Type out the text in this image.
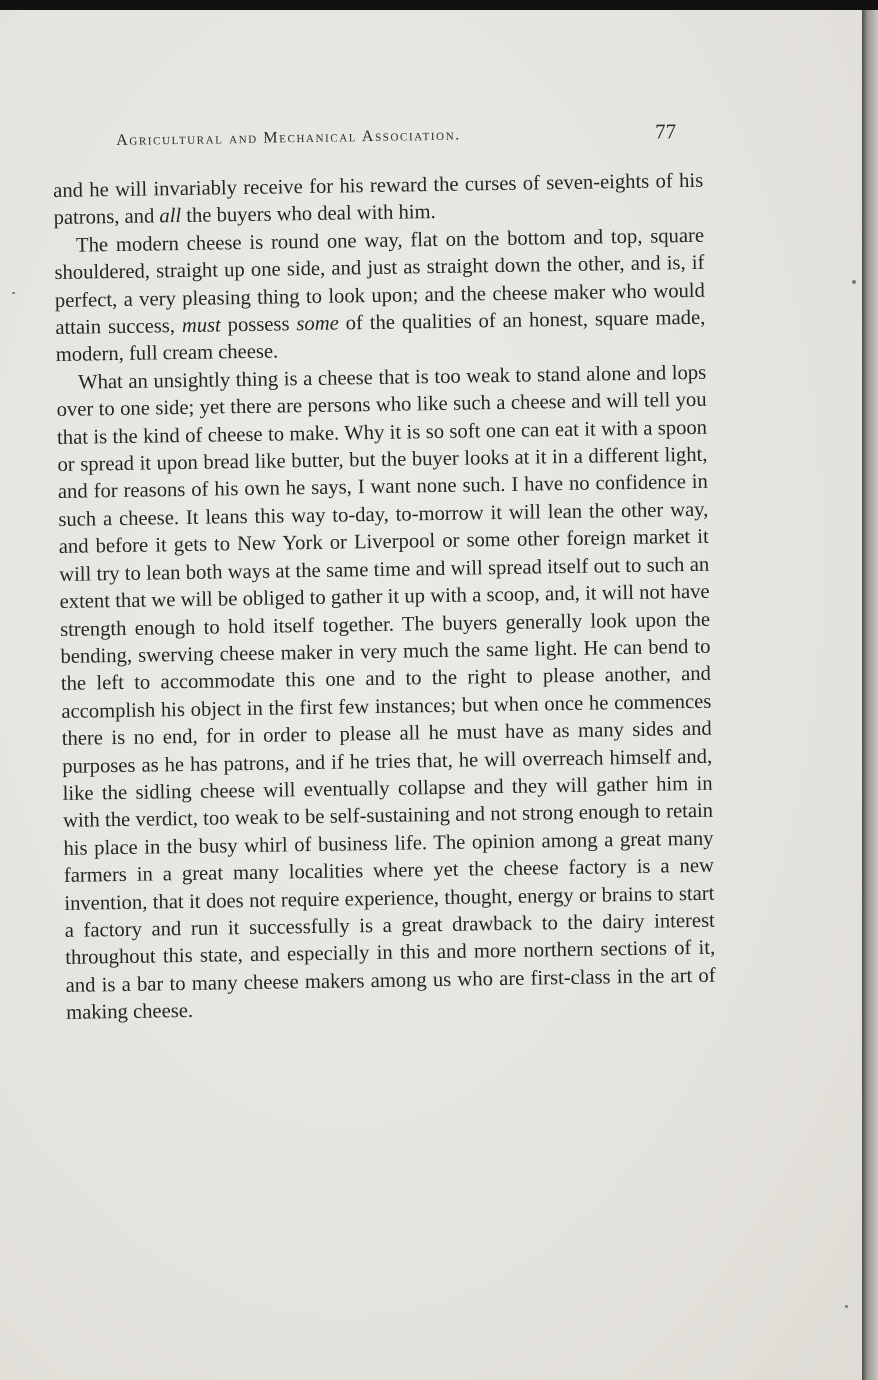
Agricultural and Mechanical Association.	77

and he will invariably receive for his reward the curses of seven-eights of his patrons, and all the buyers who deal with him.

The modern cheese is round one way, flat on the bottom and top, square shouldered, straight up one side, and just as straight down the other, and is, if perfect, a very pleasing thing to look upon; and the cheese maker who would attain success, must possess some of the qualities of an honest, square made, modern, full cream cheese.

What an unsightly thing is a cheese that is too weak to stand alone and lops over to one side; yet there are persons who like such a cheese and will tell you that is the kind of cheese to make. Why it is so soft one can eat it with a spoon or spread it upon bread like butter, but the buyer looks at it in a different light, and for reasons of his own he says, I want none such. I have no confidence in such a cheese. It leans this way to-day, to-morrow it will lean the other way, and before it gets to New York or Liverpool or some other foreign market it will try to lean both ways at the same time and will spread itself out to such an extent that we will be obliged to gather it up with a scoop, and, it will not have strength enough to hold itself together. The buyers generally look upon the bending, swerving cheese maker in very much the same light. He can bend to the left to accommodate this one and to the right to please another, and accomplish his object in the first few instances; but when once he commences there is no end, for in order to please all he must have as many sides and purposes as he has patrons, and if he tries that, he will overreach himself and, like the sidling cheese will eventually collapse and they will gather him in with the verdict, too weak to be self-sustaining and not strong enough to retain his place in the busy whirl of business life. The opinion among a great many farmers in a great many localities where yet the cheese factory is a new invention, that it does not require experience, thought, energy or brains to start a factory and run it successfully is a great drawback to the dairy interest throughout this state, and especially in this and more northern sections of it, and is a bar to many cheese makers among us who are first-class in the art of making cheese.
